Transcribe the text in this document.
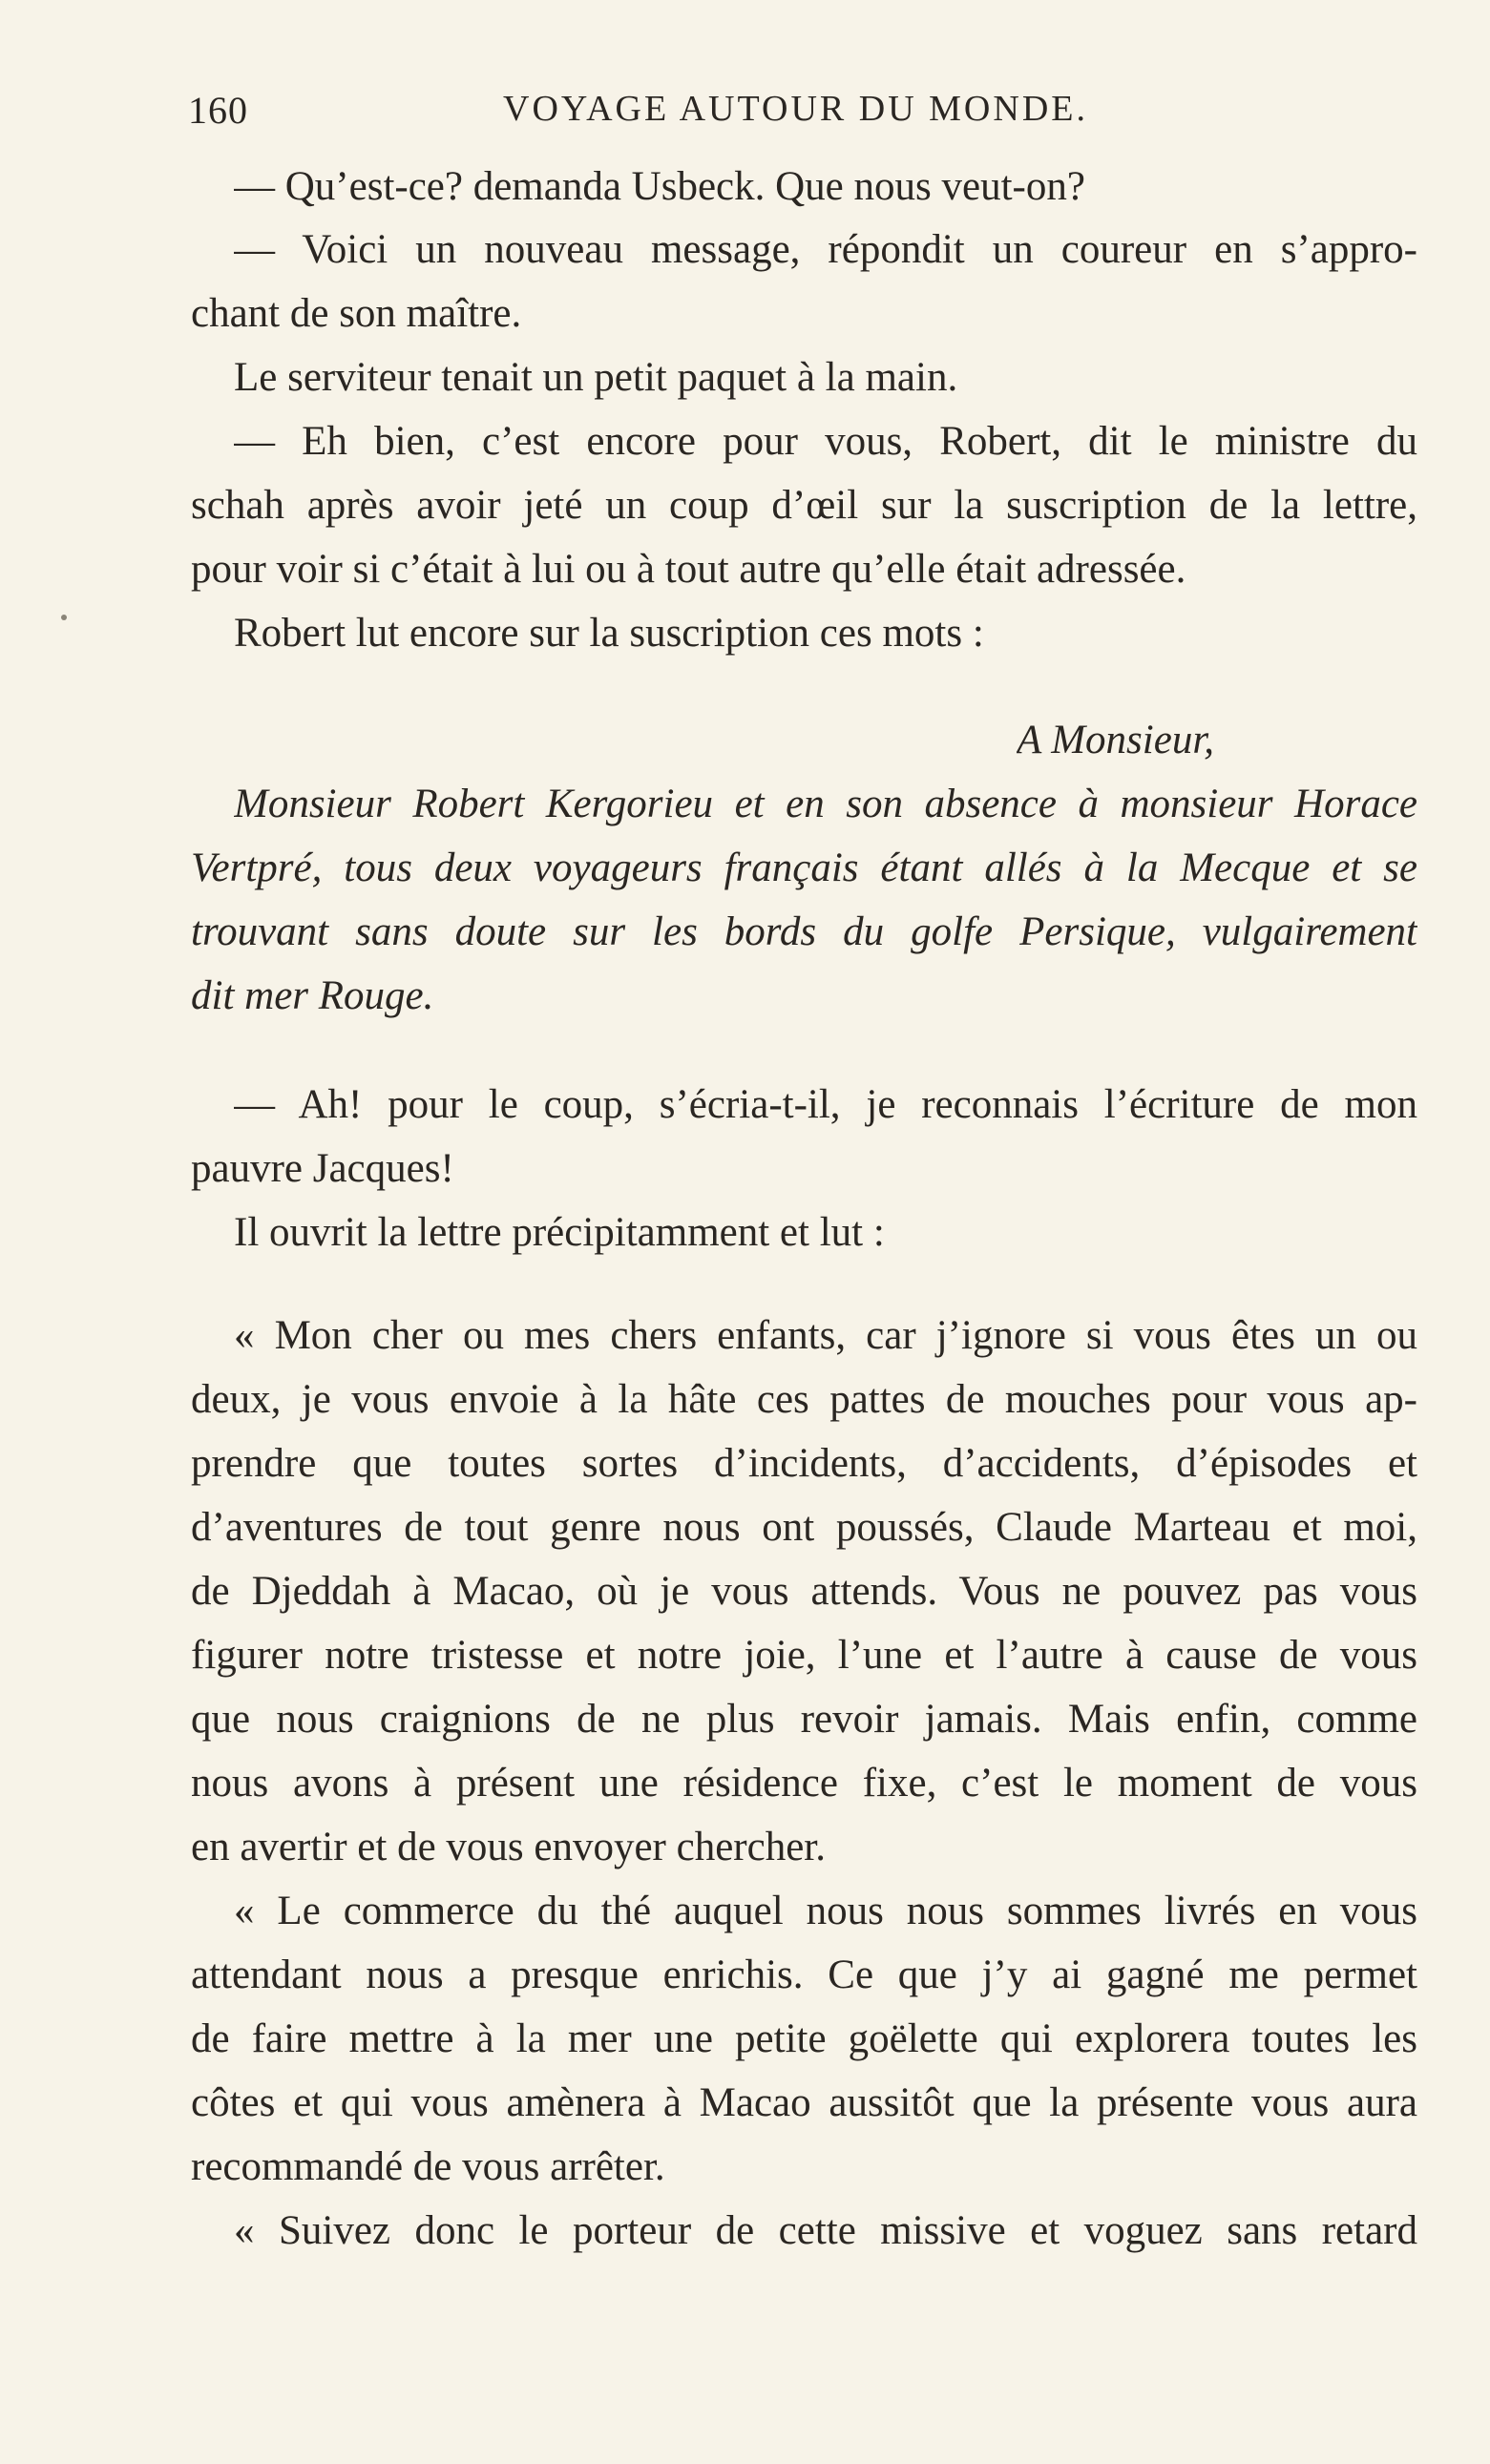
160	VOYAGE AUTOUR DU MONDE.
— Qu’est-ce? demanda Usbeck. Que nous veut-on?
— Voici un nouveau message, répondit un coureur en s’appro-
chant de son maître.
Le serviteur tenait un petit paquet à la main.
— Eh bien, c’est encore pour vous, Robert, dit le ministre du
schah après avoir jeté un coup d’œil sur la suscription de la lettre,
pour voir si c’était à lui ou à tout autre qu’elle était adressée.
Robert lut encore sur la suscription ces mots :
A Monsieur,
Monsieur Robert Kergorieu et en son absence à monsieur Horace
Vertpré, tous deux voyageurs français étant allés à la Mecque et se
trouvant sans doute sur les bords du golfe Persique, vulgairement
dit mer Rouge.
— Ah! pour le coup, s’écria-t-il, je reconnais l’écriture de mon
pauvre Jacques!
Il ouvrit la lettre précipitamment et lut :
« Mon cher ou mes chers enfants, car j’ignore si vous êtes un ou
deux, je vous envoie à la hâte ces pattes de mouches pour vous ap-
prendre que toutes sortes d’incidents, d’accidents, d’épisodes et
d’aventures de tout genre nous ont poussés, Claude Marteau et moi,
de Djeddah à Macao, où je vous attends. Vous ne pouvez pas vous
figurer notre tristesse et notre joie, l’une et l’autre à cause de vous
que nous craignions de ne plus revoir jamais. Mais enfin, comme
nous avons à présent une résidence fixe, c’est le moment de vous
en avertir et de vous envoyer chercher.
« Le commerce du thé auquel nous nous sommes livrés en vous
attendant nous a presque enrichis. Ce que j’y ai gagné me permet
de faire mettre à la mer une petite goëlette qui explorera toutes les
côtes et qui vous amènera à Macao aussitôt que la présente vous aura
recommandé de vous arrêter.
« Suivez donc le porteur de cette missive et voguez sans retard
